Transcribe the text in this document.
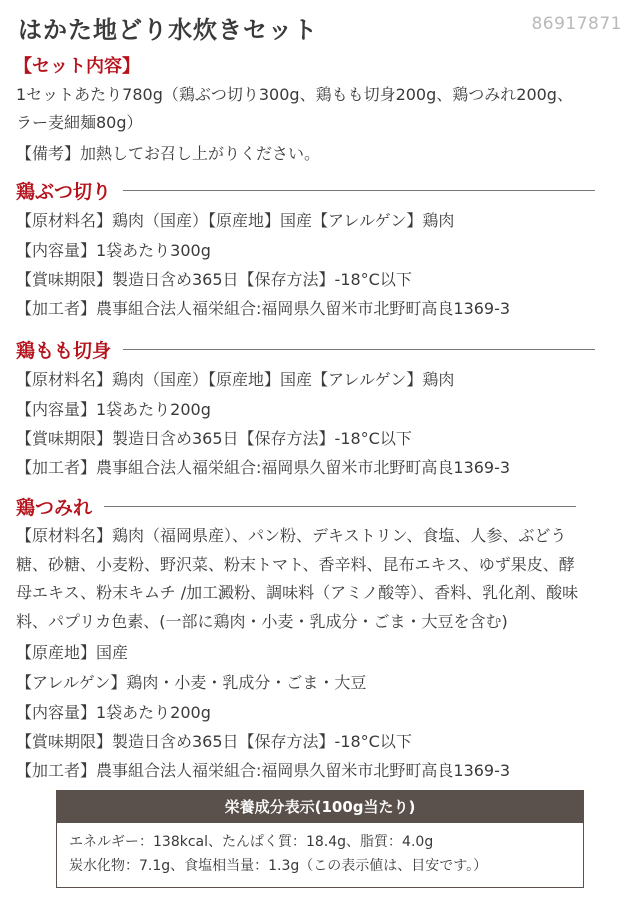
はかた地どり水炊きセット	86917871
【セット内容】
1セットあたり780g（鶏ぶつ切り300g、鶏もも切身200g、鶏つみれ200g、
ラー麦細麺80g）
【備考】加熱してお召し上がりください。
鶏ぶつ切り
【原材料名】鶏肉（国産）【原産地】国産【アレルゲン】鶏肉
【内容量】1袋あたり300g
【賞味期限】製造日含め365日【保存方法】-18°C以下
【加工者】農事組合法人福栄組合:福岡県久留米市北野町高良1369-3
鶏もも切身
【原材料名】鶏肉（国産）【原産地】国産【アレルゲン】鶏肉
【内容量】1袋あたり200g
【賞味期限】製造日含め365日【保存方法】-18°C以下
【加工者】農事組合法人福栄組合:福岡県久留米市北野町高良1369-3
鶏つみれ
【原材料名】鶏肉（福岡県産）、パン粉、デキストリン、食塩、人参、ぶどう
糖、砂糖、小麦粉、野沢菜、粉末トマト、香辛料、昆布エキス、ゆず果皮、酵
母エキス、粉末キムチ /加工澱粉、調味料（アミノ酸等）、香料、乳化剤、酸味
料、パプリカ色素、(一部に鶏肉・小麦・乳成分・ごま・大豆を含む)
【原産地】国産
【アレルゲン】鶏肉・小麦・乳成分・ごま・大豆
【内容量】1袋あたり200g
【賞味期限】製造日含め365日【保存方法】-18°C以下
【加工者】農事組合法人福栄組合:福岡県久留米市北野町高良1369-3
栄養成分表示(100g当たり)
エネルギー：138kcal、たんぱく質：18.4g、脂質：4.0g
炭水化物：7.1g、食塩相当量：1.3g（この表示値は、目安です。）
